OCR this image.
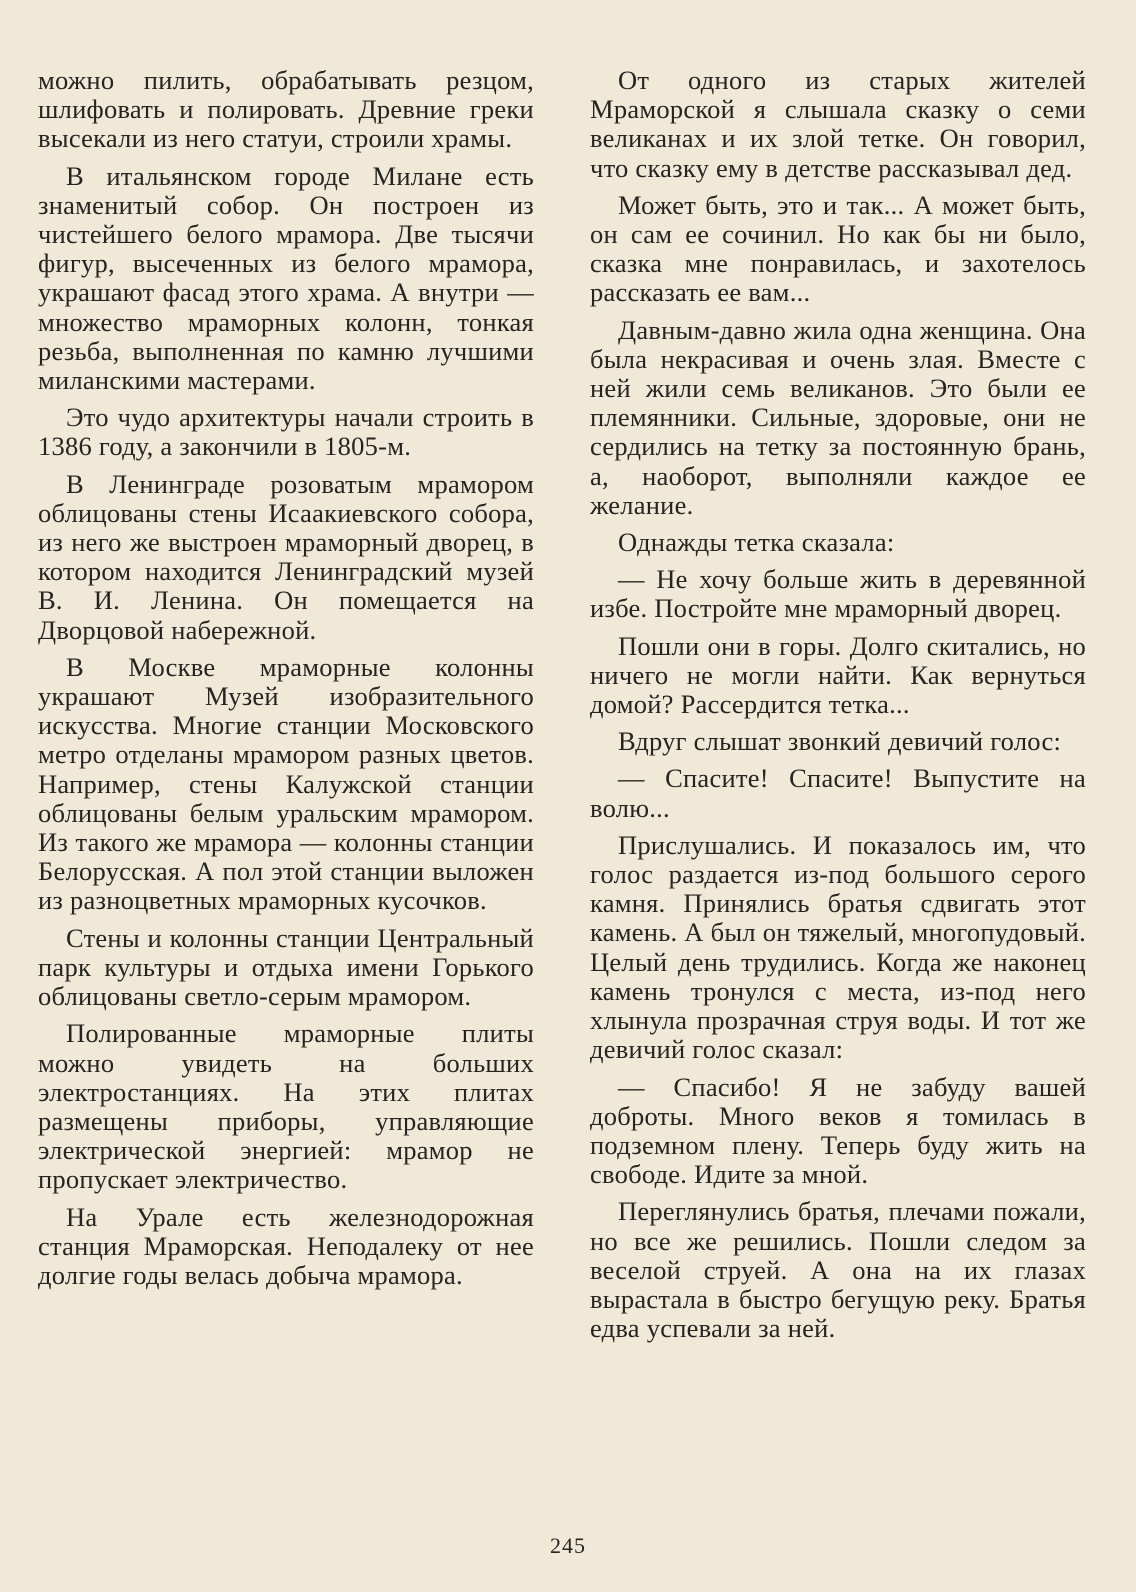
можно пилить, обрабатывать резцом, шлифовать и полировать. Древние греки высекали из него статуи, строили храмы.

В итальянском городе Милане есть знаменитый собор. Он построен из чистейшего белого мрамора. Две тысячи фигур, высеченных из белого мрамора, украшают фасад этого храма. А внутри — множество мраморных колонн, тонкая резьба, выполненная по камню лучшими миланскими мастерами.

Это чудо архитектуры начали строить в 1386 году, а закончили в 1805-м.

В Ленинграде розоватым мрамором облицованы стены Исаакиевского собора, из него же выстроен мраморный дворец, в котором находится Ленинградский музей В. И. Ленина. Он помещается на Дворцовой набережной.

В Москве мраморные колонны украшают Музей изобразительного искусства. Многие станции Московского метро отделаны мрамором разных цветов. Например, стены Калужской станции облицованы белым уральским мрамором. Из такого же мрамора — колонны станции Белорусская. А пол этой станции выложен из разноцветных мраморных кусочков.

Стены и колонны станции Центральный парк культуры и отдыха имени Горького облицованы светло-серым мрамором.

Полированные мраморные плиты можно увидеть на больших электростанциях. На этих плитах размещены приборы, управляющие электрической энергией: мрамор не пропускает электричество.

На Урале есть железнодорожная станция Мраморская. Неподалеку от нее долгие годы велась добыча мрамора.

От одного из старых жителей Мраморской я слышала сказку о семи великанах и их злой тетке. Он говорил, что сказку ему в детстве рассказывал дед.

Может быть, это и так... А может быть, он сам ее сочинил. Но как бы ни было, сказка мне понравилась, и захотелось рассказать ее вам...

Давным-давно жила одна женщина. Она была некрасивая и очень злая. Вместе с ней жили семь великанов. Это были ее племянники. Сильные, здоровые, они не сердились на тетку за постоянную брань, а, наоборот, выполняли каждое ее желание.

Однажды тетка сказала:

— Не хочу больше жить в деревянной избе. Постройте мне мраморный дворец.

Пошли они в горы. Долго скитались, но ничего не могли найти. Как вернуться домой? Рассердится тетка...

Вдруг слышат звонкий девичий голос:

— Спасите! Спасите! Выпустите на волю...

Прислушались. И показалось им, что голос раздается из-под большого серого камня. Принялись братья сдвигать этот камень. А был он тяжелый, многопудовый. Целый день трудились. Когда же наконец камень тронулся с места, из-под него хлынула прозрачная струя воды. И тот же девичий голос сказал:

— Спасибо! Я не забуду вашей доброты. Много веков я томилась в подземном плену. Теперь буду жить на свободе. Идите за мной.

Переглянулись братья, плечами пожали, но все же решились. Пошли следом за веселой струей. А она на их глазах вырастала в быстро бегущую реку. Братья едва успевали за ней.

245
